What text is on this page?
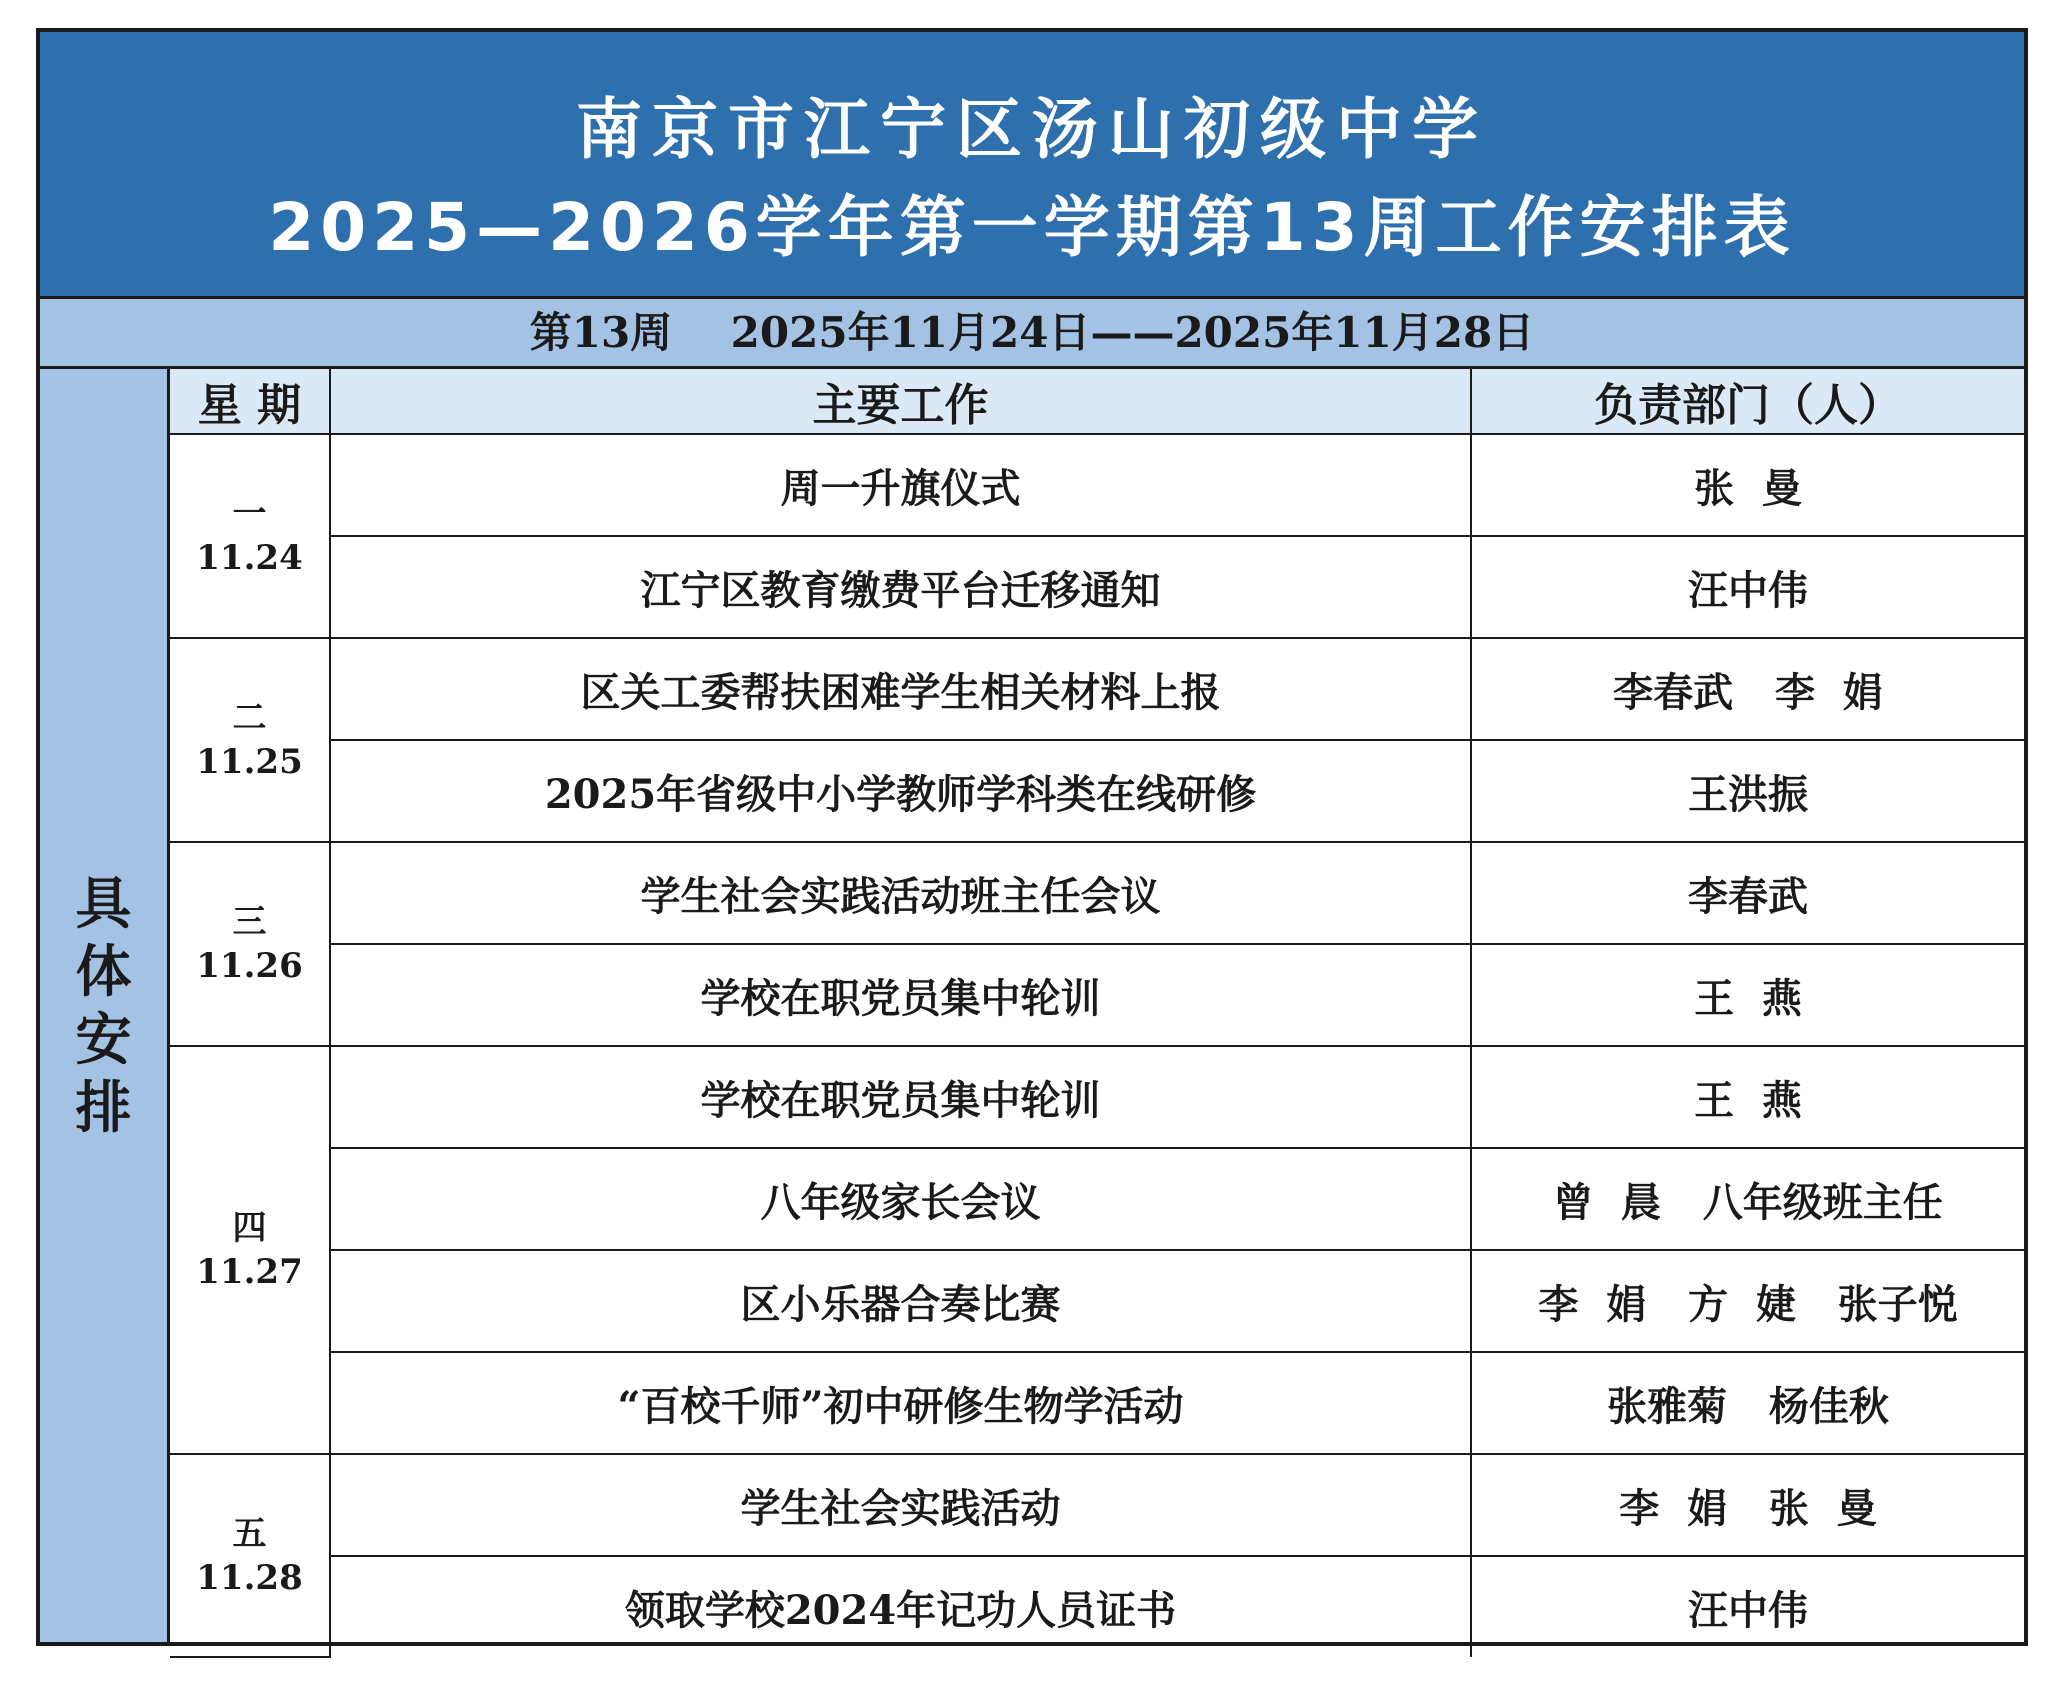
南京市江宁区汤山初级中学
2025—2026学年第一学期第13周工作安排表
第13周    2025年11月24日——2025年11月28日
具体安排
星 期	主要工作	负责部门（人）

一
11.24	周一升旗仪式	张  曼
	江宁区教育缴费平台迁移通知	汪中伟

二
11.25	区关工委帮扶困难学生相关材料上报	李春武   李  娟
	2025年省级中小学教师学科类在线研修	王洪振

三
11.26	学生社会实践活动班主任会议	李春武
	学校在职党员集中轮训	王  燕

四
11.27	学校在职党员集中轮训	王  燕
	八年级家长会议	曾  晨   八年级班主任
	区小乐器合奏比赛	李  娟   方  婕   张子悦
	“百校千师”初中研修生物学活动	张雅菊   杨佳秋

五
11.28	学生社会实践活动	李  娟   张  曼
	领取学校2024年记功人员证书	汪中伟
